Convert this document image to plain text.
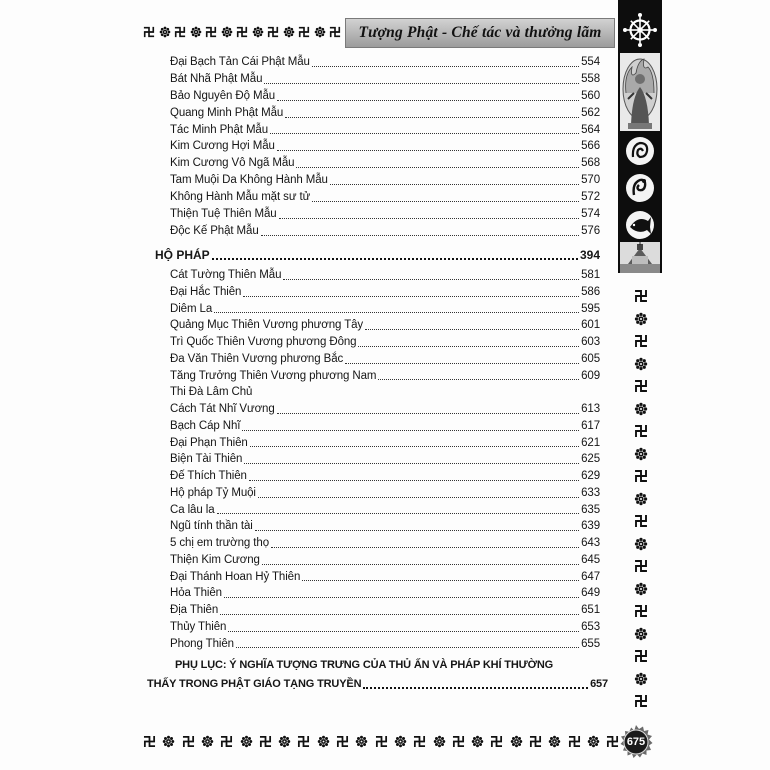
Tượng Phật - Chế tác và thưởng lãm
Đại Bạch Tản Cái Phật Mẫu	554
Bát Nhã Phật Mẫu	558
Bảo Nguyên Độ Mẫu	560
Quang Minh Phật Mẫu	562
Tác Minh Phật Mẫu	564
Kim Cương Hợi Mẫu	566
Kim Cương Vô Ngã Mẫu	568
Tam Muội Da Không Hành Mẫu	570
Không Hành Mẫu mặt sư tử	572
Thiện Tuệ Thiên Mẫu	574
Độc Kế Phật Mẫu	576
HỘ PHÁP	394
Cát Tường Thiên Mẫu	581
Đại Hắc Thiên	586
Diêm La	595
Quảng Mục Thiên Vương phương Tây	601
Trì Quốc Thiên Vương phương Đông	603
Đa Văn Thiên Vương phương Bắc	605
Tăng Trưởng Thiên Vương phương Nam	609
Thi Đà Lâm Chủ
Cách Tát Nhĩ Vương	613
Bạch Cáp Nhĩ	617
Đại Phạn Thiên	621
Biện Tài Thiên	625
Đế Thích Thiên	629
Hộ pháp Tỷ Muội	633
Ca lâu la	635
Ngũ tính thần tài	639
5 chị em trường thọ	643
Thiện Kim Cương	645
Đại Thánh Hoan Hỷ Thiên	647
Hỏa Thiên	649
Địa Thiên	651
Thủy Thiên	653
Phong Thiên	655
PHỤ LỤC: Ý NGHĨA TƯỢNG TRƯNG CỦA THỦ ẤN VÀ PHÁP KHÍ THƯỜNG
THẤY TRONG PHẬT GIÁO TẠNG TRUYỀN	657
675
